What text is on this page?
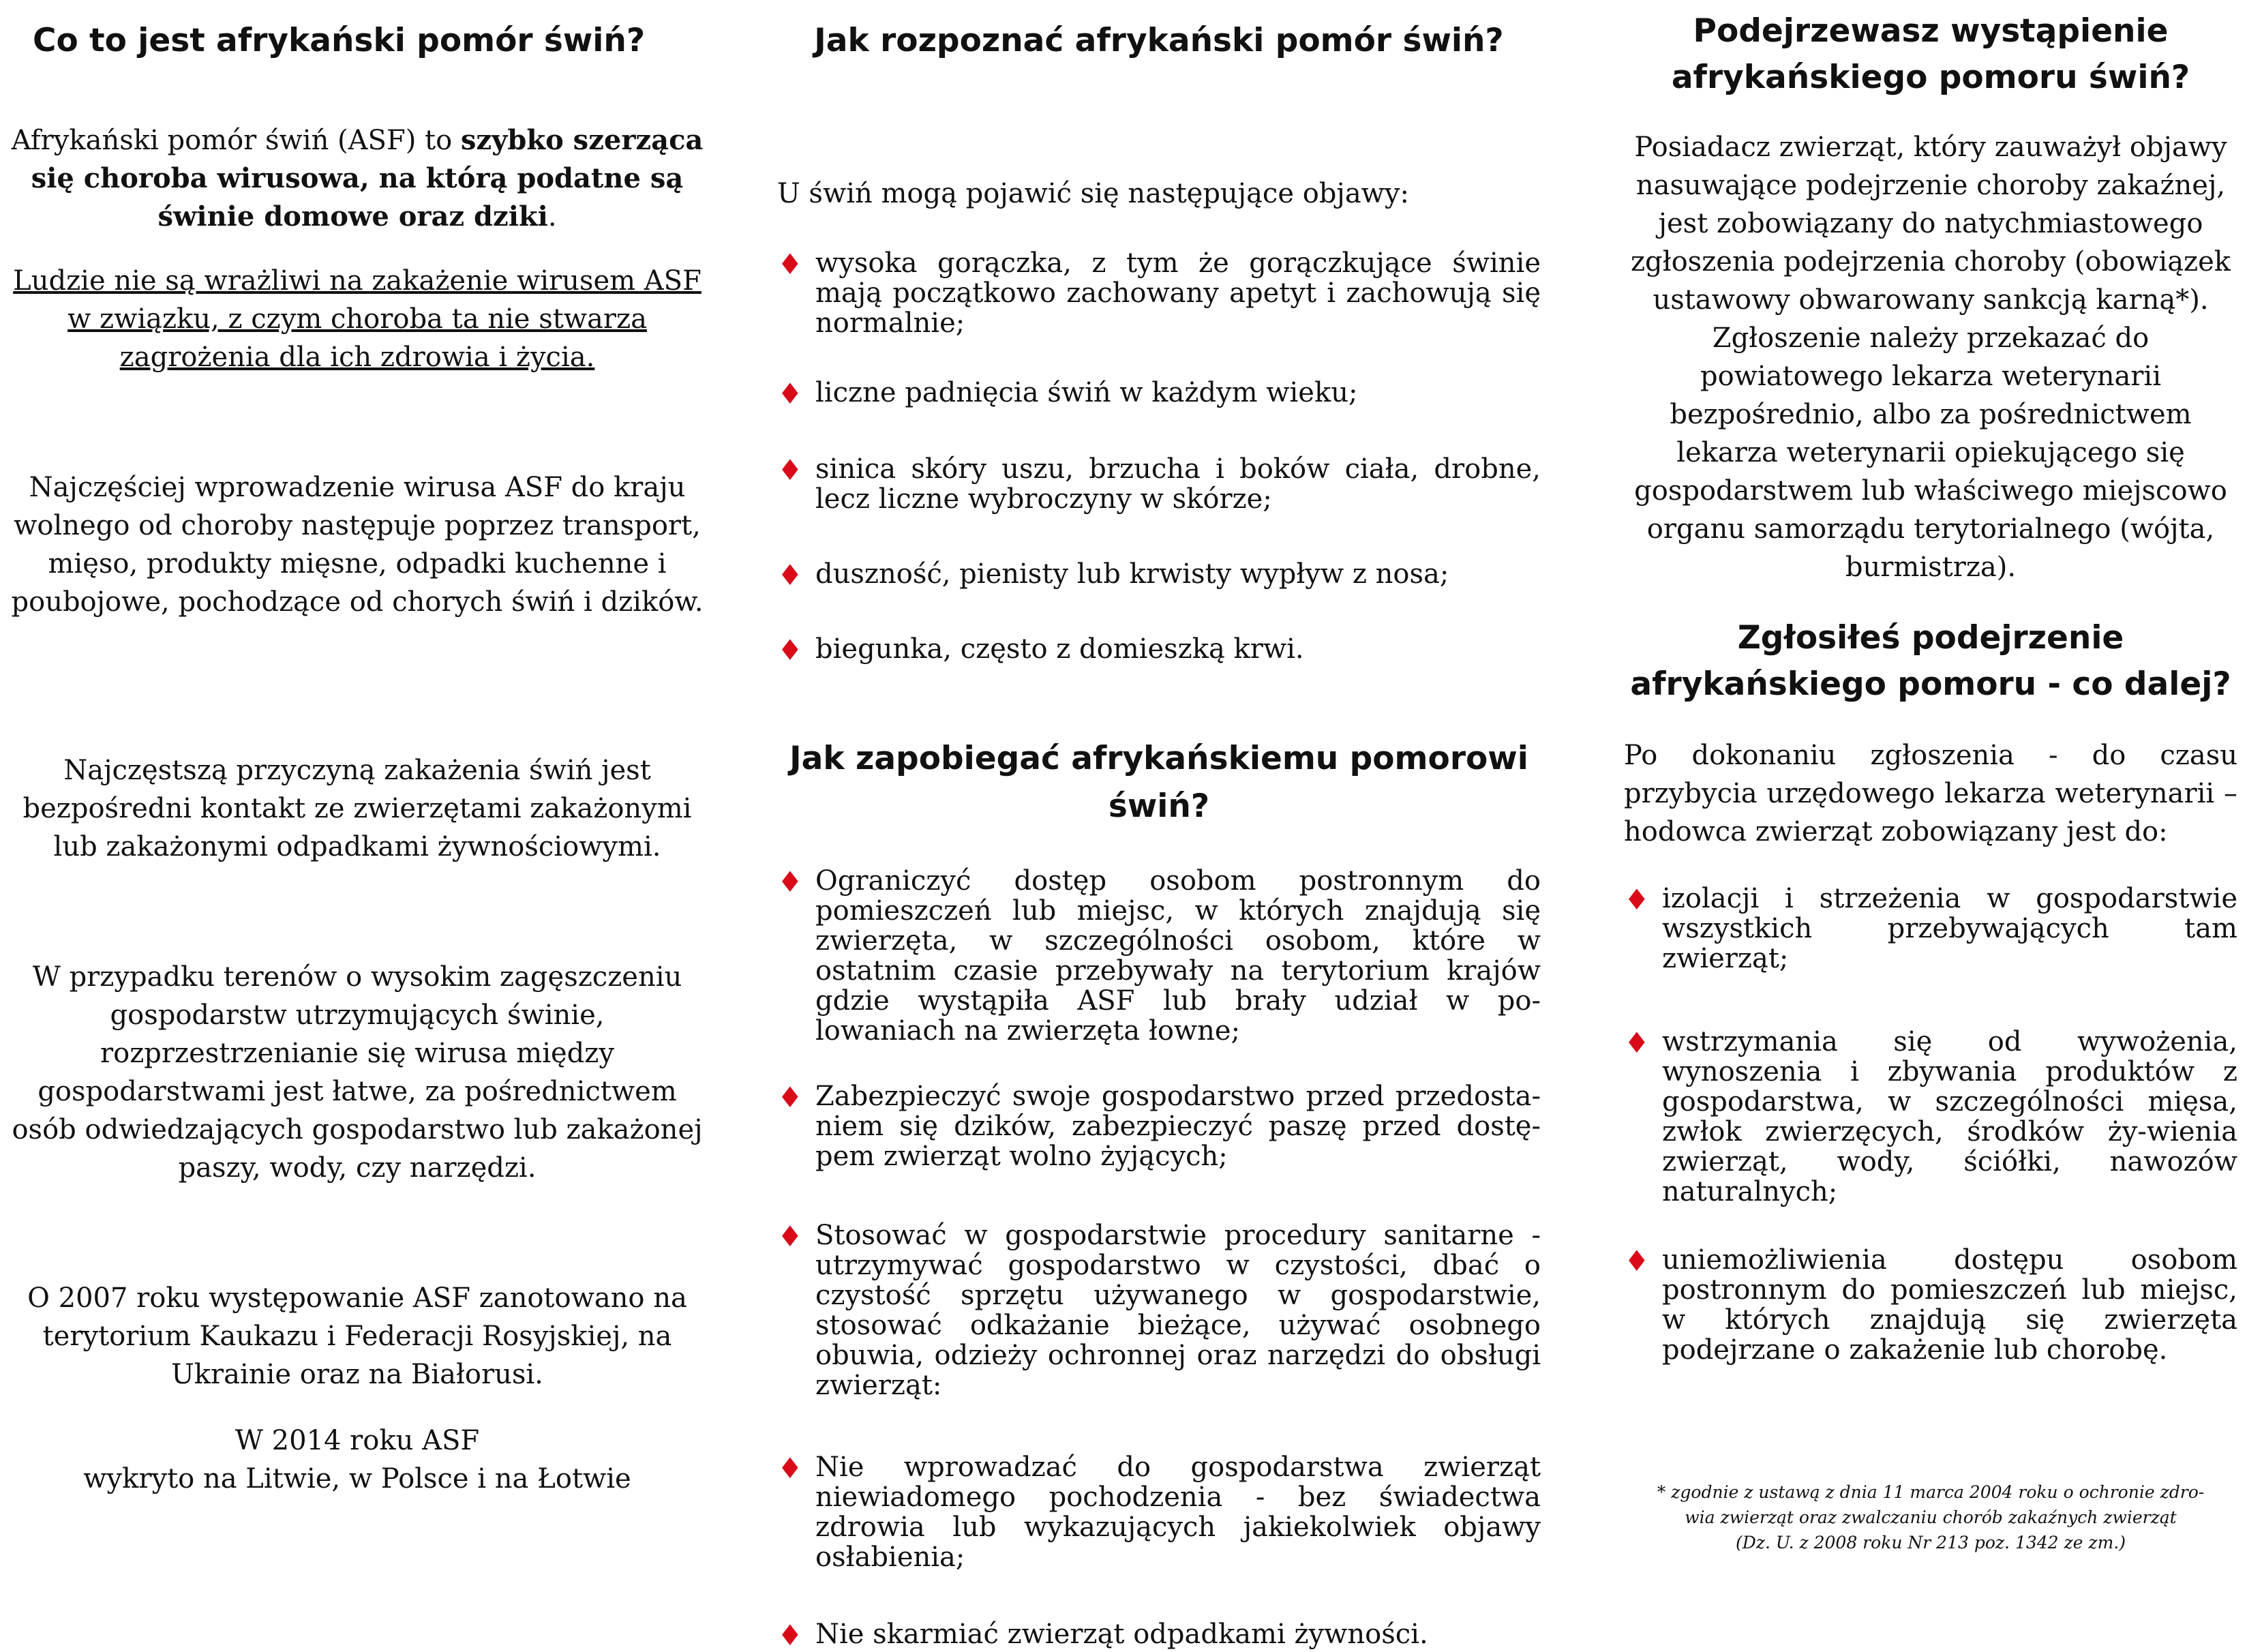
Co to jest afrykański pomór świń?

Afrykański pomór świń (ASF) to szybko szerząca się choroba wirusowa, na którą podatne są świnie domowe oraz dziki.

Ludzie nie są wrażliwi na zakażenie wirusem ASF w związku, z czym choroba ta nie stwarza zagrożenia dla ich zdrowia i życia.

Najczęściej wprowadzenie wirusa ASF do kraju wolnego od choroby następuje poprzez transport, mięso, produkty mięsne, odpadki kuchenne i poubojowe, pochodzące od chorych świń i dzików.

Najczęstszą przyczyną zakażenia świń jest bezpośredni kontakt ze zwierzętami zakażonymi lub zakażonymi odpadkami żywnościowymi.

W przypadku terenów o wysokim zagęszczeniu gospodarstw utrzymujących świnie, rozprzestrzenianie się wirusa między gospodarstwami jest łatwe, za pośrednictwem osób odwiedzających gospodarstwo lub zakażonej paszy, wody, czy narzędzi.

O 2007 roku występowanie ASF zanotowano na terytorium Kaukazu i Federacji Rosyjskiej, na Ukrainie oraz na Białorusi.

W 2014 roku ASF
wykryto na Litwie, w Polsce i na Łotwie

Jak rozpoznać afrykański pomór świń?

U świń mogą pojawić się następujące objawy:

♦ wysoka gorączka, z tym że gorączkujące świnie mają początkowo zachowany apetyt i zachowują się normalnie;
♦ liczne padnięcia świń w każdym wieku;
♦ sinica skóry uszu, brzucha i boków ciała, drobne, lecz liczne wybroczyny w skórze;
♦ duszność, pienisty lub krwisty wypływ z nosa;
♦ biegunka, często z domieszką krwi.
Jak zapobiegać afrykańskiemu pomorowi świń?
♦ Ograniczyć dostęp osobom postronnym do pomieszczeń lub miejsc, w których znajdują się zwierzęta, w szczególności osobom, które w ostatnim czasie przebywały na terytorium krajów gdzie wystąpiła ASF lub brały udział w po-lowaniach na zwierzęta łowne;
♦ Zabezpieczyć swoje gospodarstwo przed przedosta-niem się dzików, zabezpieczyć paszę przed dostę-pem zwierząt wolno żyjących;
♦ Stosować w gospodarstwie procedury sanitarne - utrzymywać gospodarstwo w czystości, dbać o czystość sprzętu używanego w gospodarstwie, stosować odkażanie bieżące, używać osobnego obuwia, odzieży ochronnej oraz narzędzi do obsługi zwierząt:
♦ Nie wprowadzać do gospodarstwa zwierząt niewiadomego pochodzenia - bez świadectwa zdrowia lub wykazujących jakiekolwiek objawy osłabienia;
♦ Nie skarmiać zwierząt odpadkami żywności.
Podejrzewasz wystąpienie afrykańskiego pomoru świń?

Posiadacz zwierząt, który zauważył objawy nasuwające podejrzenie choroby zakaźnej, jest zobowiązany do natychmiastowego zgłoszenia podejrzenia choroby (obowiązek ustawowy obwarowany sankcją karną*). Zgłoszenie należy przekazać do powiatowego lekarza weterynarii bezpośrednio, albo za pośrednictwem lekarza weterynarii opiekującego się gospodarstwem lub właściwego miejscowo organu samorządu terytorialnego (wójta, burmistrza).

Zgłosiłeś podejrzenie afrykańskiego pomoru - co dalej?

Po dokonaniu zgłoszenia - do czasu przybycia urzędowego lekarza weterynarii – hodowca zwierząt zobowiązany jest do:

♦ izolacji i strzeżenia w gospodarstwie wszystkich przebywających tam zwierząt;
♦ wstrzymania się od wywożenia, wynoszenia i zbywania produktów z gospodarstwa, w szczególności mięsa, zwłok zwierzęcych, środków ży-wienia zwierząt, wody, ściółki, nawozów naturalnych;
♦ uniemożliwienia dostępu osobom postronnym do pomieszczeń lub miejsc, w których znajdują się zwierzęta podejrzane o zakażenie lub chorobę.

* zgodnie z ustawą z dnia 11 marca 2004 roku o ochronie zdro-

wia zwierząt oraz zwalczaniu chorób zakaźnych zwierząt

(Dz. U. z 2008 roku Nr 213 poz. 1342 ze zm.)
